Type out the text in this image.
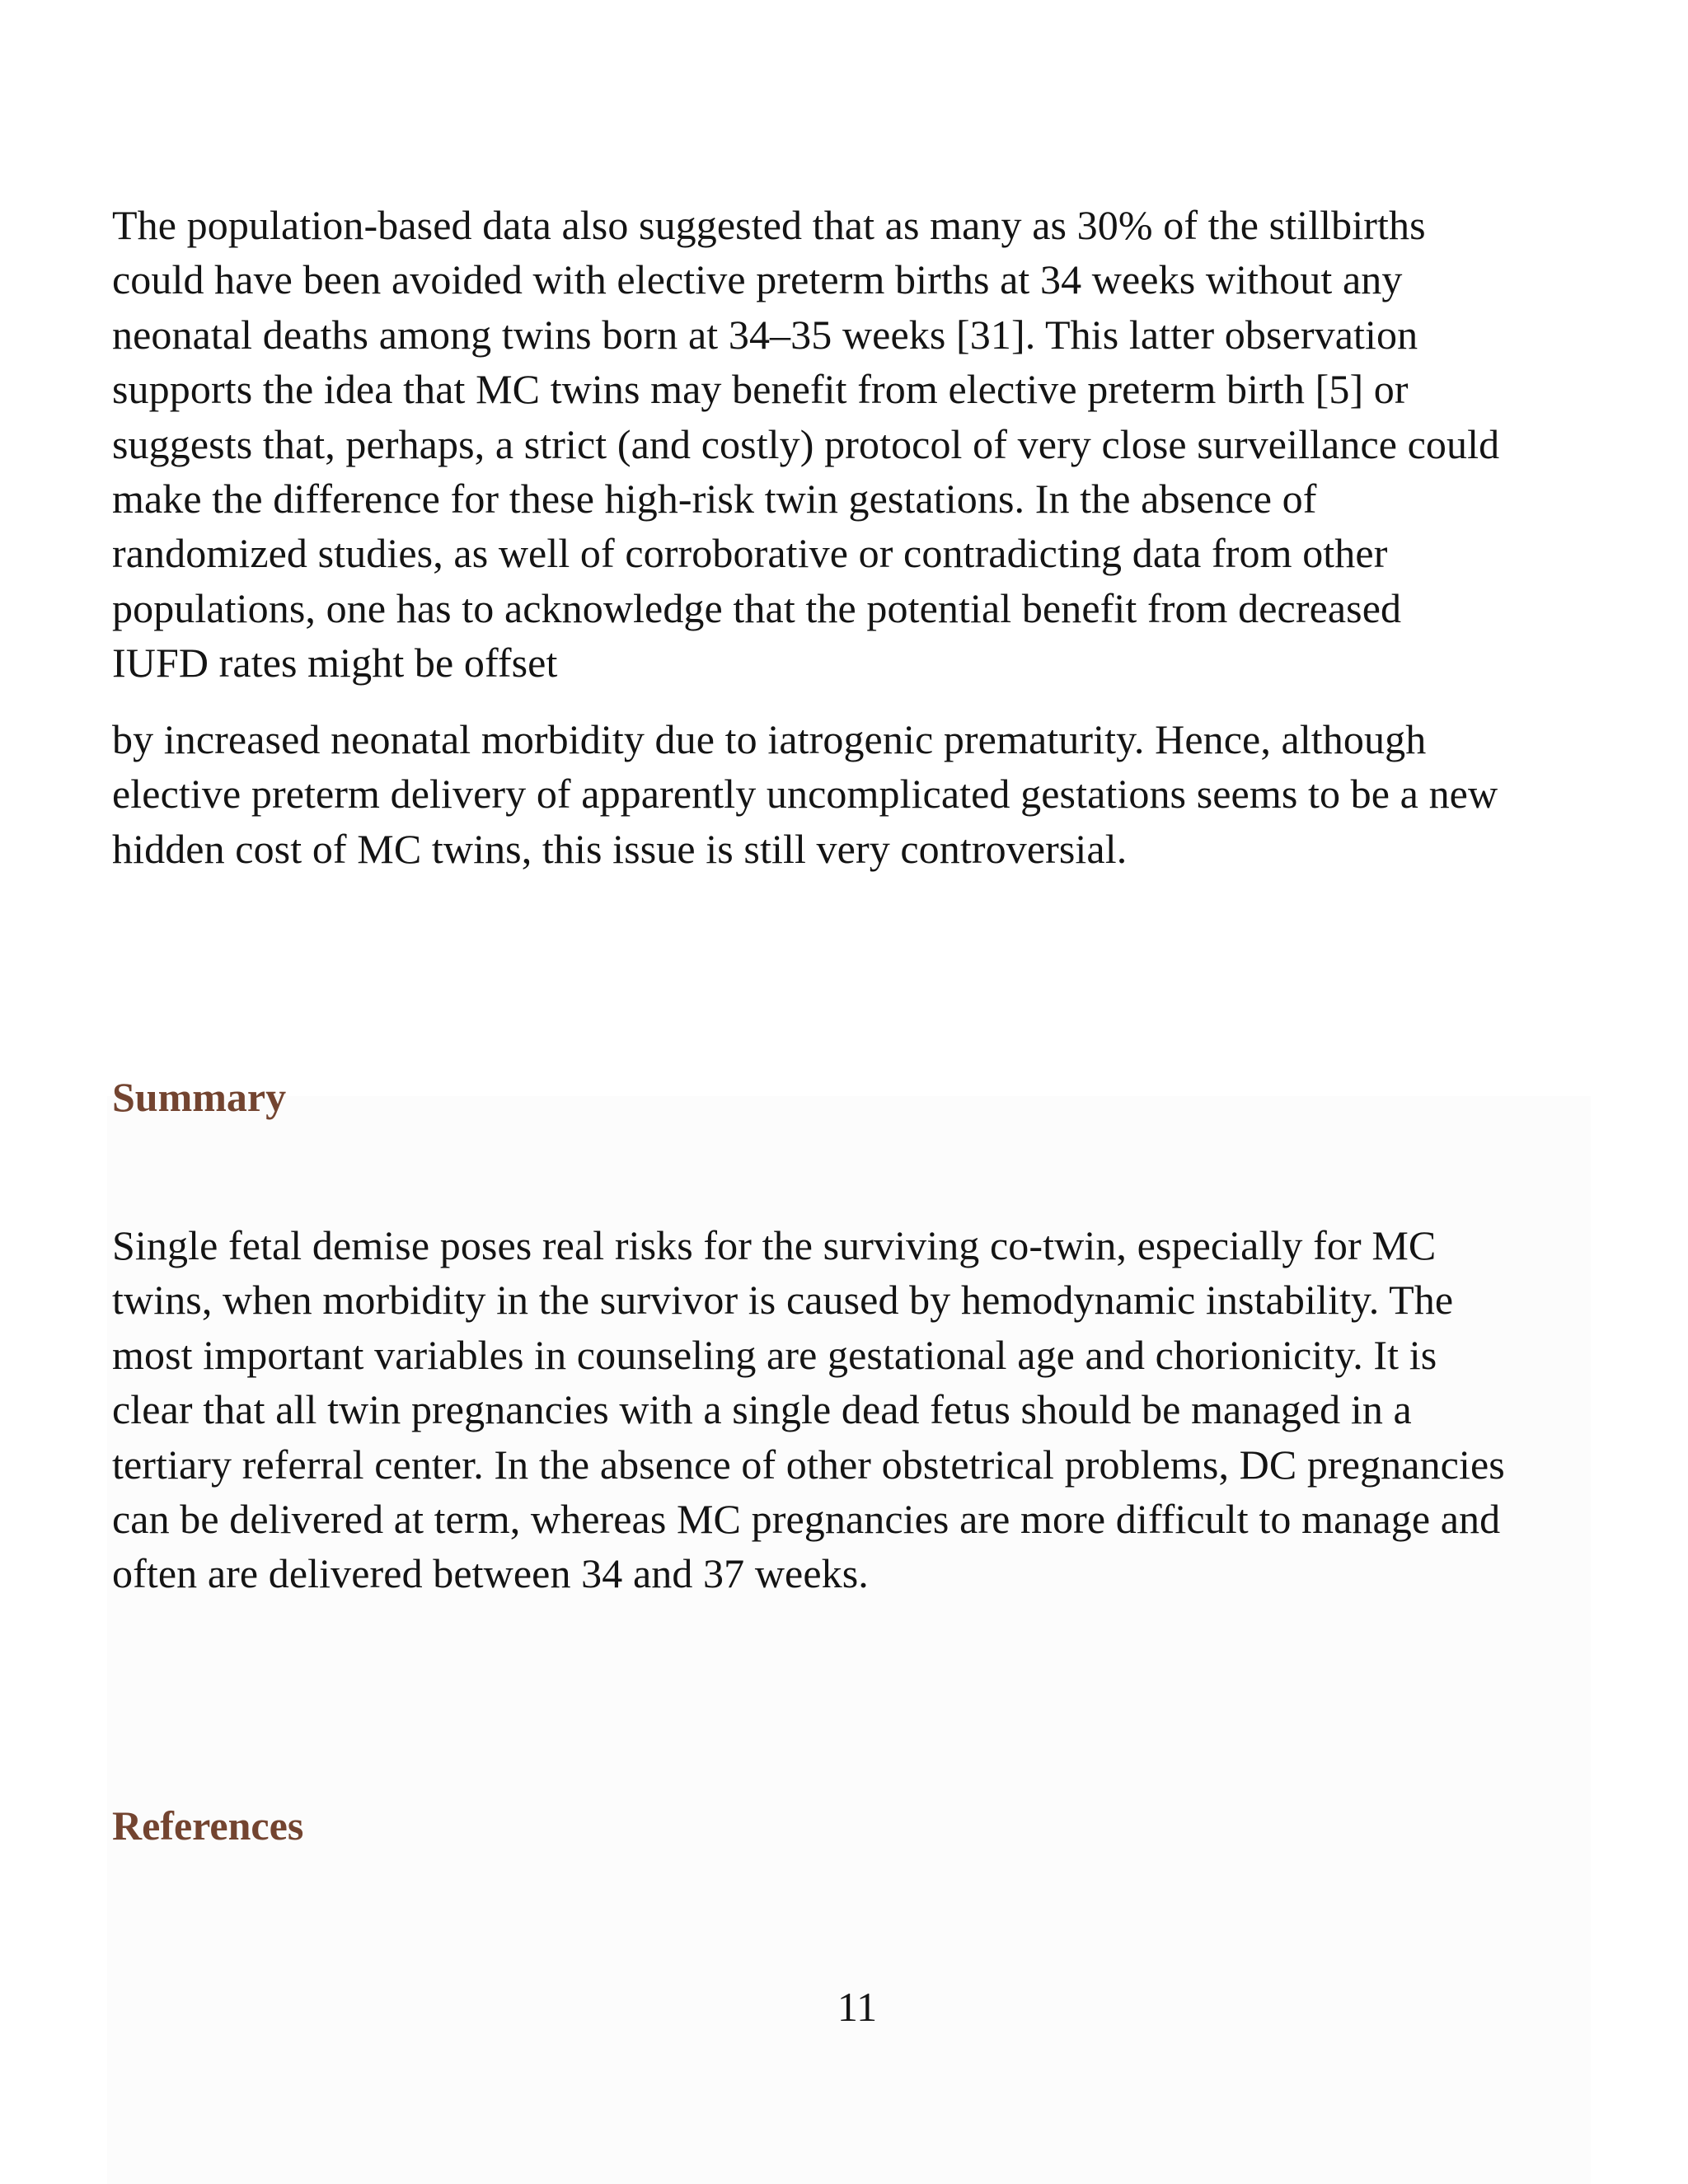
The population-based data also suggested that as many as 30% of the stillbirths
could have been avoided with elective preterm births at 34 weeks without any
neonatal deaths among twins born at 34–35 weeks [31]. This latter observation
supports the idea that MC twins may benefit from elective preterm birth [5] or
suggests that, perhaps, a strict (and costly) protocol of very close surveillance could
make the difference for these high-risk twin gestations. In the absence of
randomized studies, as well of corroborative or contradicting data from other
populations, one has to acknowledge that the potential benefit from decreased
IUFD rates might be offset

by increased neonatal morbidity due to iatrogenic prematurity. Hence, although
elective preterm delivery of apparently uncomplicated gestations seems to be a new
hidden cost of MC twins, this issue is still very controversial.

Summary

Single fetal demise poses real risks for the surviving co-twin, especially for MC
twins, when morbidity in the survivor is caused by hemodynamic instability. The
most important variables in counseling are gestational age and chorionicity. It is
clear that all twin pregnancies with a single dead fetus should be managed in a
tertiary referral center. In the absence of other obstetrical problems, DC pregnancies
can be delivered at term, whereas MC pregnancies are more difficult to manage and
often are delivered between 34 and 37 weeks.

References
11
